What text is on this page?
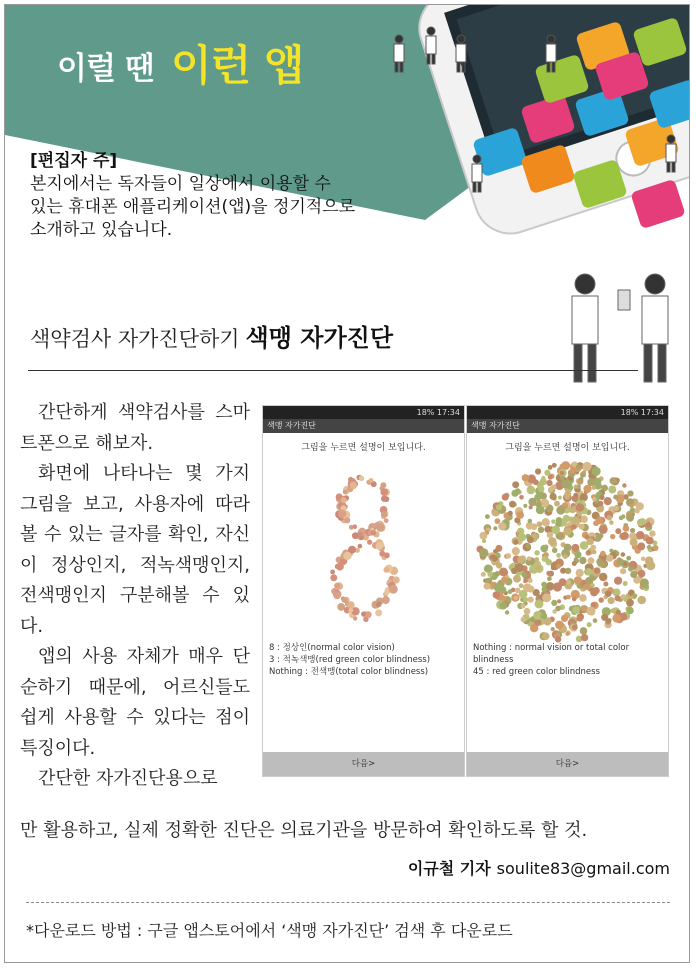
이럴 땐 이런 앱
[편집자 주]
본지에서는 독자들이 일상에서 이용할 수
있는 휴대폰 애플리케이션(앱)을 정기적으로
소개하고 있습니다.
색약검사 자가진단하기 색맹 자가진단

간단하게 색약검사를 스마트폰으로 해보자.

화면에 나타나는 몇 가지 그림을 보고, 사용자에 따라 볼 수 있는 글자를 확인, 자신이 정상인지, 적녹색맹인지, 전색맹인지 구분해볼 수 있다.

앱의 사용 자체가 매우 단순하기 때문에, 어르신들도 쉽게 사용할 수 있다는 점이 특징이다.

간단한 자가진단용으로

만 활용하고, 실제 정확한 진단은 의료기관을 방문하여 확인하도록 할 것.

18% 17:34
색맹 자가진단
그림을 누르면 설명이 보입니다.
8 : 정상인(normal color vision)
3 : 적녹색맹(red green color blindness)
Nothing : 전색맹(total color blindness)
다음>
18% 17:34
색맹 자가진단
그림을 누르면 설명이 보입니다.
Nothing : normal vision or total color
blindness
45 : red green color blindness
다음>
이규철 기자 soulite83@gmail.com
*다운로드 방법 : 구글 앱스토어에서 ‘색맹 자가진단’ 검색 후 다운로드
